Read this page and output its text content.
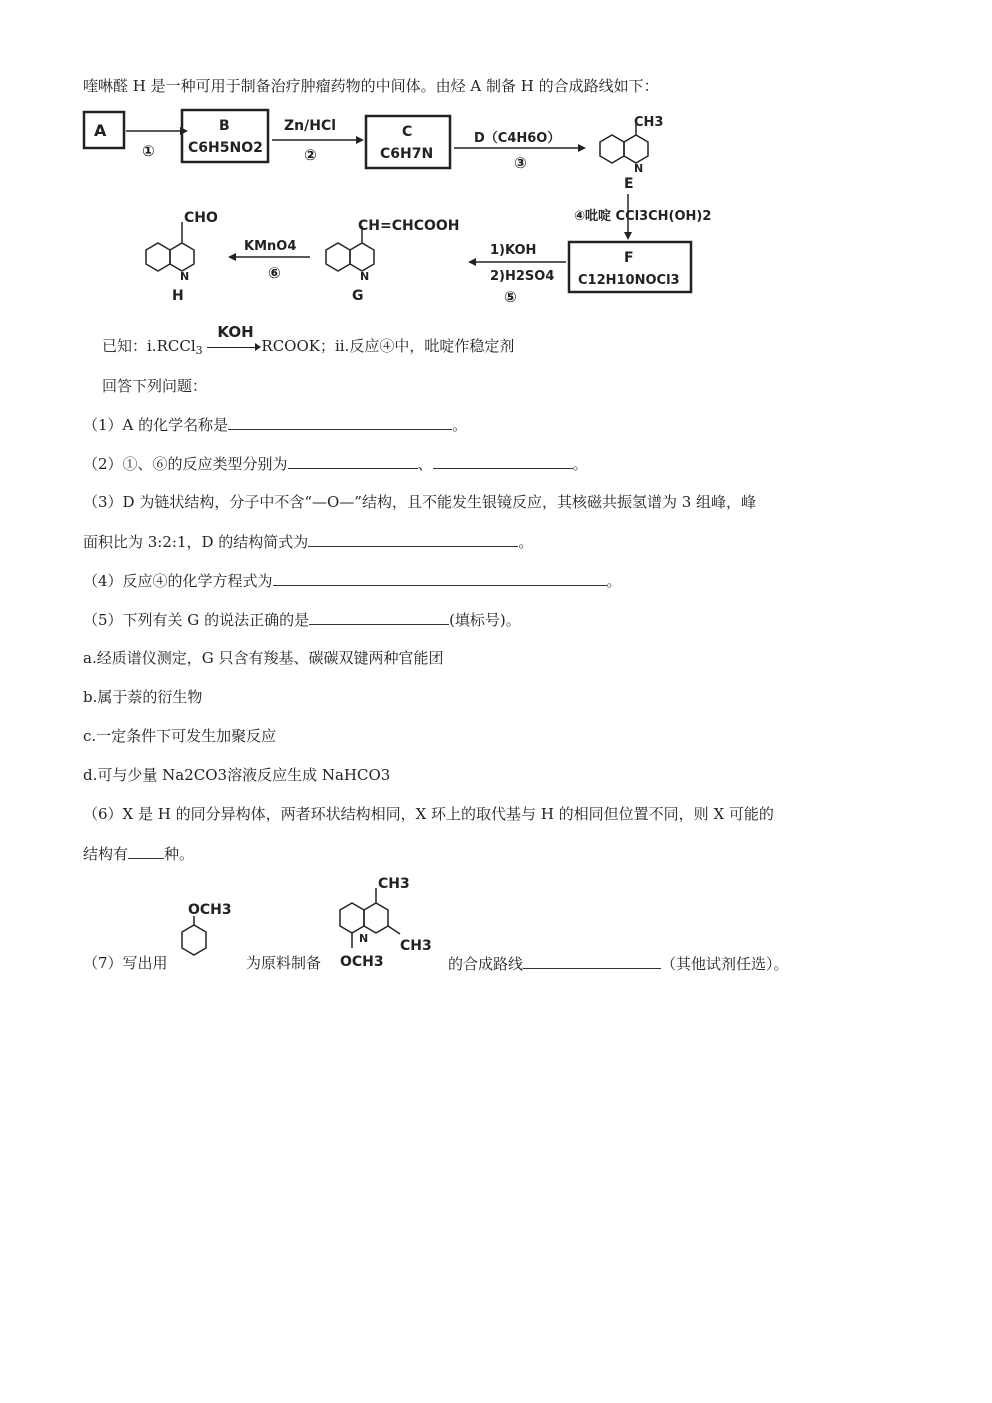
喹啉醛 H 是一种可用于制备治疗肿瘤药物的中间体。由烃 A 制备 H 的合成路线如下：
A
①
B
C6H5NO2
Zn/HCl
②
C
C6H7N
D（C4H6O）
③
CH3
N
E
④吡啶 CCl3CH(OH)2
F
C12H10NOCl3
1)KOH
2)H2SO4
⑤
N
G
CH=CHCOOH
KMnO4
⑥
N
H
CHO
已知：i.RCCl$_3$
KOH
RCOOK；ii.反应④中，吡啶作稳定剂
回答下列问题：
（1）A 的化学名称是	。
（2）①、⑥的反应类型分别为	、	。
（3）D 为链状结构，分子中不含“—O—”结构，且不能发生银镜反应，其核磁共振氢谱为 3 组峰，峰
面积比为 3:2:1，D 的结构简式为	。
（4）反应④的化学方程式为	。
（5）下列有关 G 的说法正确的是	(填标号)。
a.经质谱仪测定，G 只含有羧基、碳碳双键两种官能团
b.属于萘的衍生物
c.一定条件下可发生加聚反应
d.可与少量 Na2CO3溶液反应生成 NaHCO3
（6）X 是 H 的同分异构体，两者环状结构相同，X 环上的取代基与 H 的相同但位置不同，则 X 可能的
结构有 种。
（7）写出用
OCH3
为原料制备
CH3
N CH3
OCH3	的合成路线	（其他试剂任选）。
